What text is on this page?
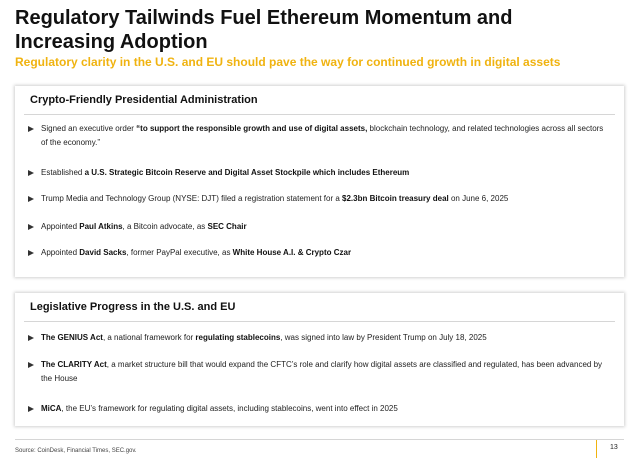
Regulatory Tailwinds Fuel Ethereum Momentum and Increasing Adoption
Regulatory clarity in the U.S. and EU should pave the way for continued growth in digital assets
Crypto-Friendly Presidential Administration
Signed an executive order “to support the responsible growth and use of digital assets, blockchain technology, and related technologies across all sectors of the economy.”
Established a U.S. Strategic Bitcoin Reserve and Digital Asset Stockpile which includes Ethereum
Trump Media and Technology Group (NYSE: DJT) filed a registration statement for a $2.3bn Bitcoin treasury deal on June 6, 2025
Appointed Paul Atkins, a Bitcoin advocate, as SEC Chair
Appointed David Sacks, former PayPal executive, as White House A.I. & Crypto Czar
Legislative Progress in the U.S. and EU
The GENIUS Act, a national framework for regulating stablecoins, was signed into law by President Trump on July 18, 2025
The CLARITY Act, a market structure bill that would expand the CFTC’s role and clarify how digital assets are classified and regulated, has been advanced by the House
MiCA, the EU’s framework for regulating digital assets, including stablecoins, went into effect in 2025
Source: CoinDesk, Financial Times, SEC.gov.	13
